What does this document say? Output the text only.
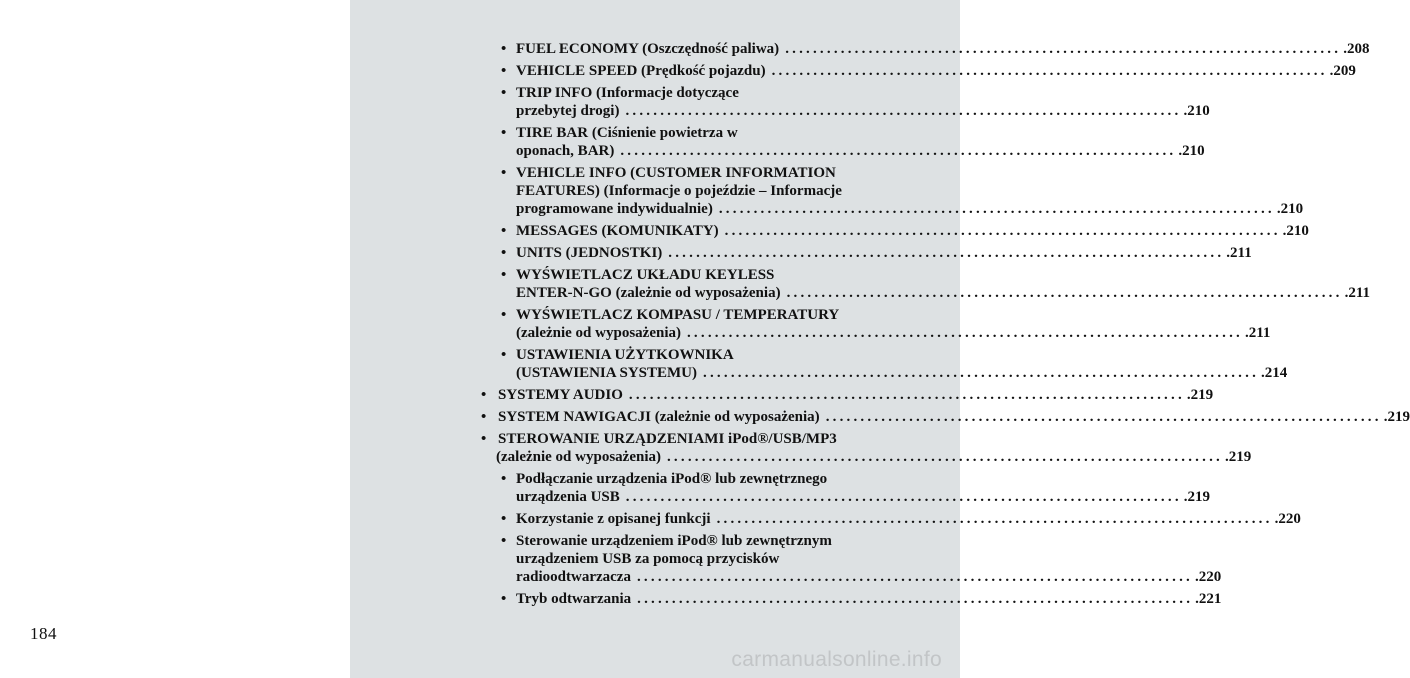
184
• FUEL ECONOMY (Oszczędność paliwa) ................................................................................ .208
• VEHICLE SPEED (Prędkość pojazdu) ................................................................................ .209
• TRIP INFO (Informacje dotyczące
przebytej drogi) ................................................................................ .210
• TIRE BAR (Ciśnienie powietrza w
oponach, BAR) ................................................................................ .210
• VEHICLE INFO (CUSTOMER INFORMATION
FEATURES) (Informacje o pojeździe – Informacje
programowane indywidualnie) ................................................................................ .210
• MESSAGES (KOMUNIKATY) ................................................................................ .210
• UNITS (JEDNOSTKI) ................................................................................ .211
• WYŚWIETLACZ UKŁADU KEYLESS
ENTER-N-GO (zależnie od wyposażenia) ................................................................................ .211
• WYŚWIETLACZ KOMPASU / TEMPERATURY
(zależnie od wyposażenia) ................................................................................ .211
• USTAWIENIA UŻYTKOWNIKA
(USTAWIENIA SYSTEMU) ................................................................................ .214
• SYSTEMY AUDIO ................................................................................ .219
• SYSTEM NAWIGACJI (zależnie od wyposażenia) ................................................................................ .219
• STEROWANIE URZĄDZENIAMI iPod®/USB/MP3
(zależnie od wyposażenia) ................................................................................ .219
• Podłączanie urządzenia iPod® lub zewnętrznego
urządzenia USB ................................................................................ .219
• Korzystanie z opisanej funkcji ................................................................................ .220
• Sterowanie urządzeniem iPod® lub zewnętrznym
urządzeniem USB za pomocą przycisków
radioodtwarzacza ................................................................................ .220
• Tryb odtwarzania ................................................................................ .221
carmanualsonline.info
